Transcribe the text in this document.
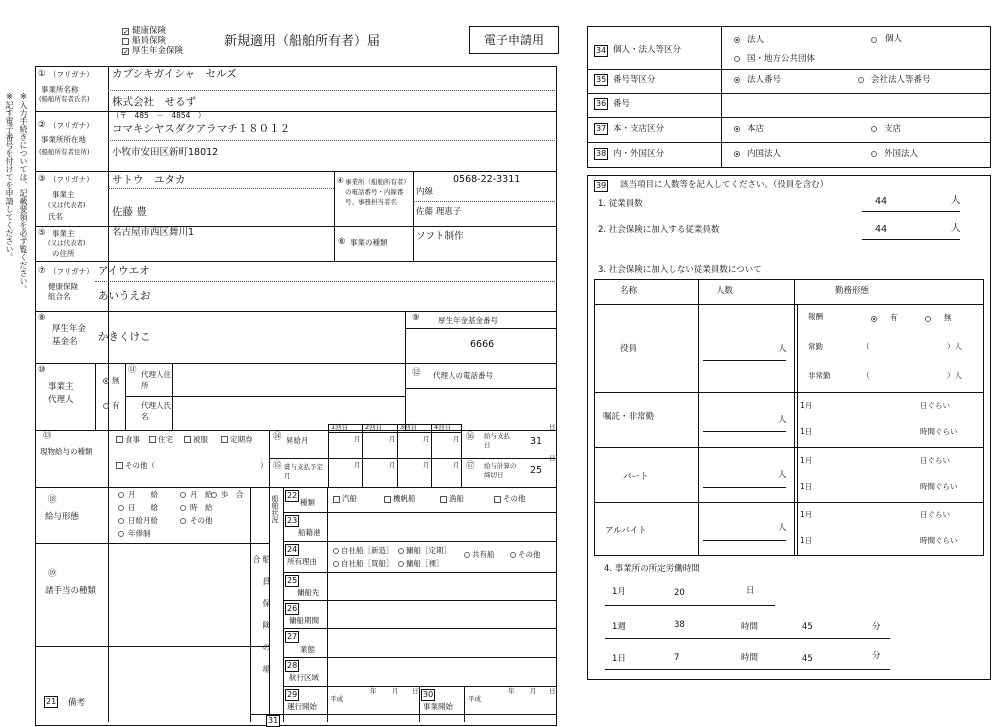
✓ 健康保険
船員保険
✓ 厚生年金保険
新規適用（船舶所有者）届	電子申請用
※入力手続きについては、記載要領を必ず覧ください。
※記す電子番号を付けてを申請してください。
① （フリガナ） カブシキガイシャ　セルズ
事業所名称
(船舶所有者氏名) 株式会社　せるず
② （フリガナ）
（〒　485　－　4854　）
コマキシヤスダクアラマチ１８０１２
事業所所在地
(船舶所有者住所) 小牧市安田区新町18012
③ （フリガナ） サトウ　ユタカ
事業主
(又は代表者)
氏名	佐藤 豊
④ 事業所（船舶所有者）の電話番号・内線番号、事務担当者名
0568-22-3311
内線
佐藤 理恵子
⑤ 事業主
(又は代表者)
の住所
名古屋市西区舞川1
⑥ 事業の種類
ソフト制作
⑦ （フリガナ） アイウエオ
健康保険
組合名	あいうえお
⑧
厚生年金
基金名 かきくけこ
⑨ 厚生年金基金番号
6666
⑩
事業主
代理人
無
有
⑪ 代理人住所
代理人氏名
⑫ 代理人の電話番号
⑬
現物給与の種類
食事 住宅	被服	定期券
その他（	）
⑭ 昇給月
⑮ 賞与支払予定月
1回目	2回目	3回目	4回目
月	月	月	月
月	月	月	月
⑯ 給与支払日	31
日
⑰ 給与計算の締切日	25
日
⑱
給与形態
月　　給
日　　給
日給月給
年俸制
月　給
時　給
歩　合
その他
⑲
諸手当の種類
21 備考
船員保険の場合
船舶状況 22
種類	汽船	機帆船	漁船	その他
23
船籍港
24
所有理由
自社船［新造］ 傭船［定期］	共有船	その他
自社船［買船］ 傭船［裸］
25
傭船先
26
傭船期間
27
業態
28
航行区域
29
運行開始
平成
年 月 日 30
事業開始
平成
年 月 日
31
34 個人・法人等区分
法人	個人
国・地方公共団体
35 番号等区分	法人番号	会社法人等番号
36 番号
37 本・支店区分	本店	支店
38 内・外国区分	内国法人	外国法人
39 該当項目に人数等を記入してください。（役員を含む）
1. 従業員数	44	人
2. 社会保険に加入する従業員数	44	人
3. 社会保険に加入しない従業員数について
名称	人数	勤務形態
役員	人
報酬	有	無
常勤	（	）人
非常勤	（	）人
嘱託・非常勤	人
1月	日ぐらい
1日	時間ぐらい
パート	人
1月	日ぐらい
1日	時間ぐらい
アルバイト	人
1月	日ぐらい
1日	時間ぐらい
4. 事業所の所定労働時間
1月	20	日
1週	38	時間	45	分
1日	7	時間	45	分
